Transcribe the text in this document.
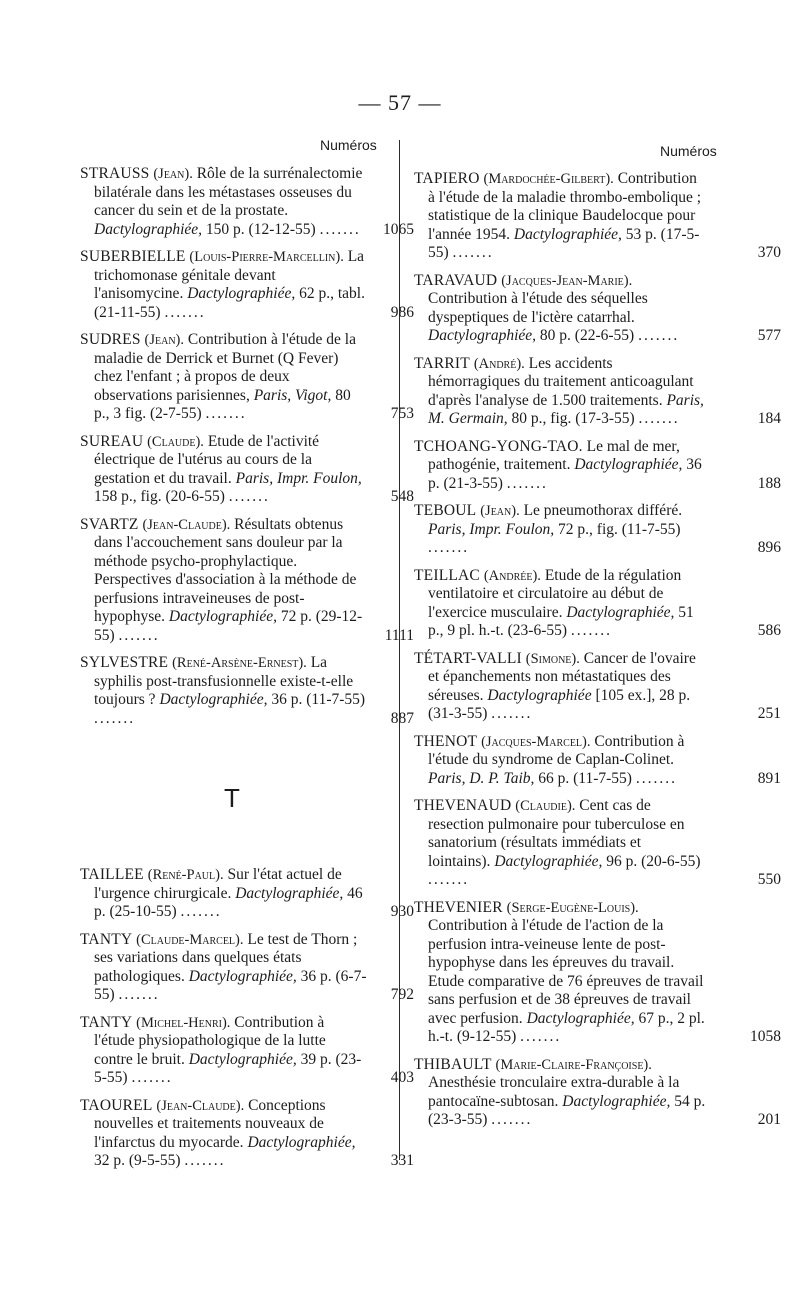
— 57 —
Numéros	Numéros
STRAUSS (Jean). Rôle de la surrénalectomie bilatérale dans les métastases osseuses du cancer du sein et de la prostate. Dactylographiée, 150 p. (12-12-55) ....... 1065
SUBERBIELLE (Louis-Pierre-Marcellin). La trichomonase génitale devant l'anisomycine. Dactylographiée, 62 p., tabl. (21-11-55) .......	986
SUDRES (Jean). Contribution à l'étude de la maladie de Derrick et Burnet (Q Fever) chez l'enfant ; à propos de deux observations parisiennes, Paris, Vigot, 80 p., 3 fig. (2-7-55) .......	753
SUREAU (Claude). Etude de l'activité électrique de l'utérus au cours de la gestation et du travail. Paris, Impr. Foulon, 158 p., fig. (20-6-55) .......	548
SVARTZ (Jean-Claude). Résultats obtenus dans l'accouchement sans douleur par la méthode psycho-prophylactique. Perspectives d'association à la méthode de perfusions intraveineuses de post-hypophyse. Dactylographiée, 72 p. (29-12-55) .......	1111
SYLVESTRE (René-Arsène-Ernest). La syphilis post-transfusionnelle existe-t-elle toujours ? Dactylographiée, 36 p. (11-7-55) .......	887
T
TAILLEE (René-Paul). Sur l'état actuel de l'urgence chirurgicale. Dactylographiée, 46 p. (25-10-55) .......	930
TANTY (Claude-Marcel). Le test de Thorn ; ses variations dans quelques états pathologiques. Dactylographiée, 36 p. (6-7-55) .......	792
TANTY (Michel-Henri). Contribution à l'étude physiopathologique de la lutte contre le bruit. Dactylographiée, 39 p. (23-5-55) .......	403
TAOUREL (Jean-Claude). Conceptions nouvelles et traitements nouveaux de l'infarctus du myocarde. Dactylographiée, 32 p. (9-5-55) .......	331
TAPIERO (Mardochée-Gilbert). Contribution à l'étude de la maladie thrombo-embolique ; statistique de la clinique Baudelocque pour l'année 1954. Dactylographiée, 53 p. (17-5-55) .......	370
TARAVAUD (Jacques-Jean-Marie). Contribution à l'étude des séquelles dyspeptiques de l'ictère catarrhal. Dactylographiée, 80 p. (22-6-55) .......	577
TARRIT (André). Les accidents hémorragiques du traitement anticoagulant d'après l'analyse de 1.500 traitements. Paris, M. Germain, 80 p., fig. (17-3-55) .......	184
TCHOANG-YONG-TAO. Le mal de mer, pathogénie, traitement. Dactylographiée, 36 p. (21-3-55) .......	188
TEBOUL (Jean). Le pneumothorax différé. Paris, Impr. Foulon, 72 p., fig. (11-7-55) .......	896
TEILLAC (Andrée). Etude de la régulation ventilatoire et circulatoire au début de l'exercice musculaire. Dactylographiée, 51 p., 9 pl. h.-t. (23-6-55) .......	586
TÉTART-VALLI (Simone). Cancer de l'ovaire et épanchements non métastatiques des séreuses. Dactylographiée [105 ex.], 28 p. (31-3-55) .......	251
THENOT (Jacques-Marcel). Contribution à l'étude du syndrome de Caplan-Colinet. Paris, D. P. Taib, 66 p. (11-7-55) .......	891
THEVENAUD (Claudie). Cent cas de resection pulmonaire pour tuberculose en sanatorium (résultats immédiats et lointains). Dactylographiée, 96 p. (20-6-55) .......	550
THEVENIER (Serge-Eugène-Louis). Contribution à l'étude de l'action de la perfusion intra-veineuse lente de post-hypophyse dans les épreuves du travail. Etude comparative de 76 épreuves de travail sans perfusion et de 38 épreuves de travail avec perfusion. Dactylographiée, 67 p., 2 pl. h.-t. (9-12-55) .......	1058
THIBAULT (Marie-Claire-Françoise). Anesthésie tronculaire extra-durable à la pantocaïne-subtosan. Dactylographiée, 54 p. (23-3-55) .......	201
